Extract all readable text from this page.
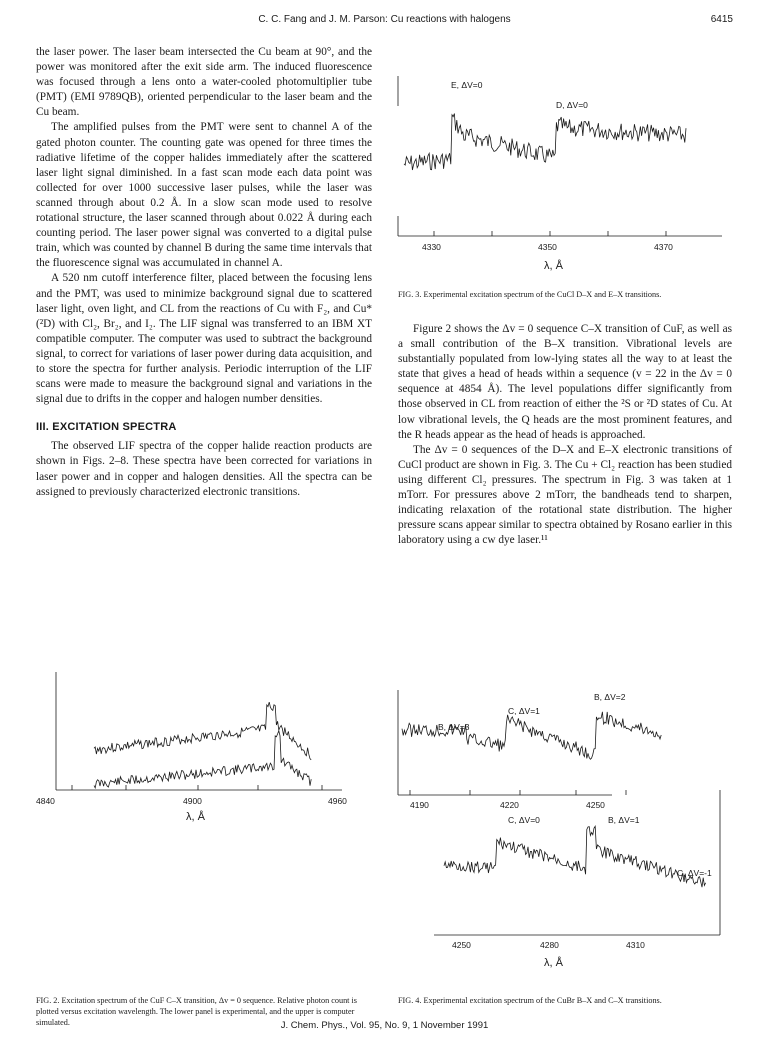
C. C. Fang and J. M. Parson: Cu reactions with halogens	6415

the laser power. The laser beam intersected the Cu beam at 90°, and the power was monitored after the exit side arm. The induced fluorescence was focused through a lens onto a water-cooled photomultiplier tube (PMT) (EMI 9789QB), oriented perpendicular to the laser beam and the Cu beam.

The amplified pulses from the PMT were sent to channel A of the gated photon counter. The counting gate was opened for three times the radiative lifetime of the copper halides immediately after the scattered laser light signal diminished. In a fast scan mode each data point was collected for over 1000 successive laser pulses, while the laser was scanned through about 0.2 Å. In a slow scan mode used to resolve rotational structure, the laser scanned through about 0.022 Å during each counting period. The laser power signal was converted to a digital pulse train, which was counted by channel B during the same time intervals that the fluorescence signal was accumulated in channel A.

A 520 nm cutoff interference filter, placed between the focusing lens and the PMT, was used to minimize background signal due to scattered laser light, oven light, and CL from the reactions of Cu with F₂, and Cu*(²D) with Cl₂, Br₂, and I₂. The LIF signal was transferred to an IBM XT compatible computer. The computer was used to subtract the background signal, to correct for variations of laser power during data acquisition, and to store the spectra for further analysis. Periodic interruption of the LIF scans were made to measure the background signal and variations in the signal due to drifts in the copper and halogen number densities.

III. EXCITATION SPECTRA

The observed LIF spectra of the copper halide reaction products are shown in Figs. 2–8. These spectra have been corrected for variations in laser power and in copper and halogen densities. All the spectra can be assigned to previously characterized electronic transitions.

Figure 2 shows the Δv = 0 sequence C–X transition of CuF, as well as a small contribution of the B–X transition. Vibrational levels are substantially populated from low-lying states all the way to at least the state that gives a head of heads within a sequence (v = 22 in the Δv = 0 sequence at 4854 Å). The level populations differ significantly from those observed in CL from reaction of either the ²S or ²D states of Cu. At low vibrational levels, the Q heads are the most prominent features, and the R heads appear as the head of heads is approached.

The Δv = 0 sequences of the D–X and E–X electronic transitions of CuCl product are shown in Fig. 3. The Cu + Cl₂ reaction has been studied using different Cl₂ pressures. The spectrum in Fig. 3 was taken at 1 mTorr. For pressures above 2 mTorr, the bandheads tend to sharpen, indicating relaxation of the rotational state distribution. The higher pressure scans appear similar to spectra obtained by Rosano earlier in this laboratory using a cw dye laser.¹¹

E, ΔV=0
D, ΔV=0
4330	4350	4370
λ, Å
FIG. 3. Experimental excitation spectrum of the CuCl D–X and E–X transitions.
4840	4900	4960
λ, Å
FIG. 2. Excitation spectrum of the CuF C–X transition, Δv = 0 sequence. Relative photon count is plotted versus excitation wavelength. The lower panel is experimental, and the upper is computer simulated.
B, ΔV=3
C, ΔV=1
B, ΔV=2
4190	4220	4250
C, ΔV=0	B, ΔV=1
C, ΔV=-1
4250	4280	4310
λ, Å
FIG. 4. Experimental excitation spectrum of the CuBr B–X and C–X transitions.
J. Chem. Phys., Vol. 95, No. 9, 1 November 1991
